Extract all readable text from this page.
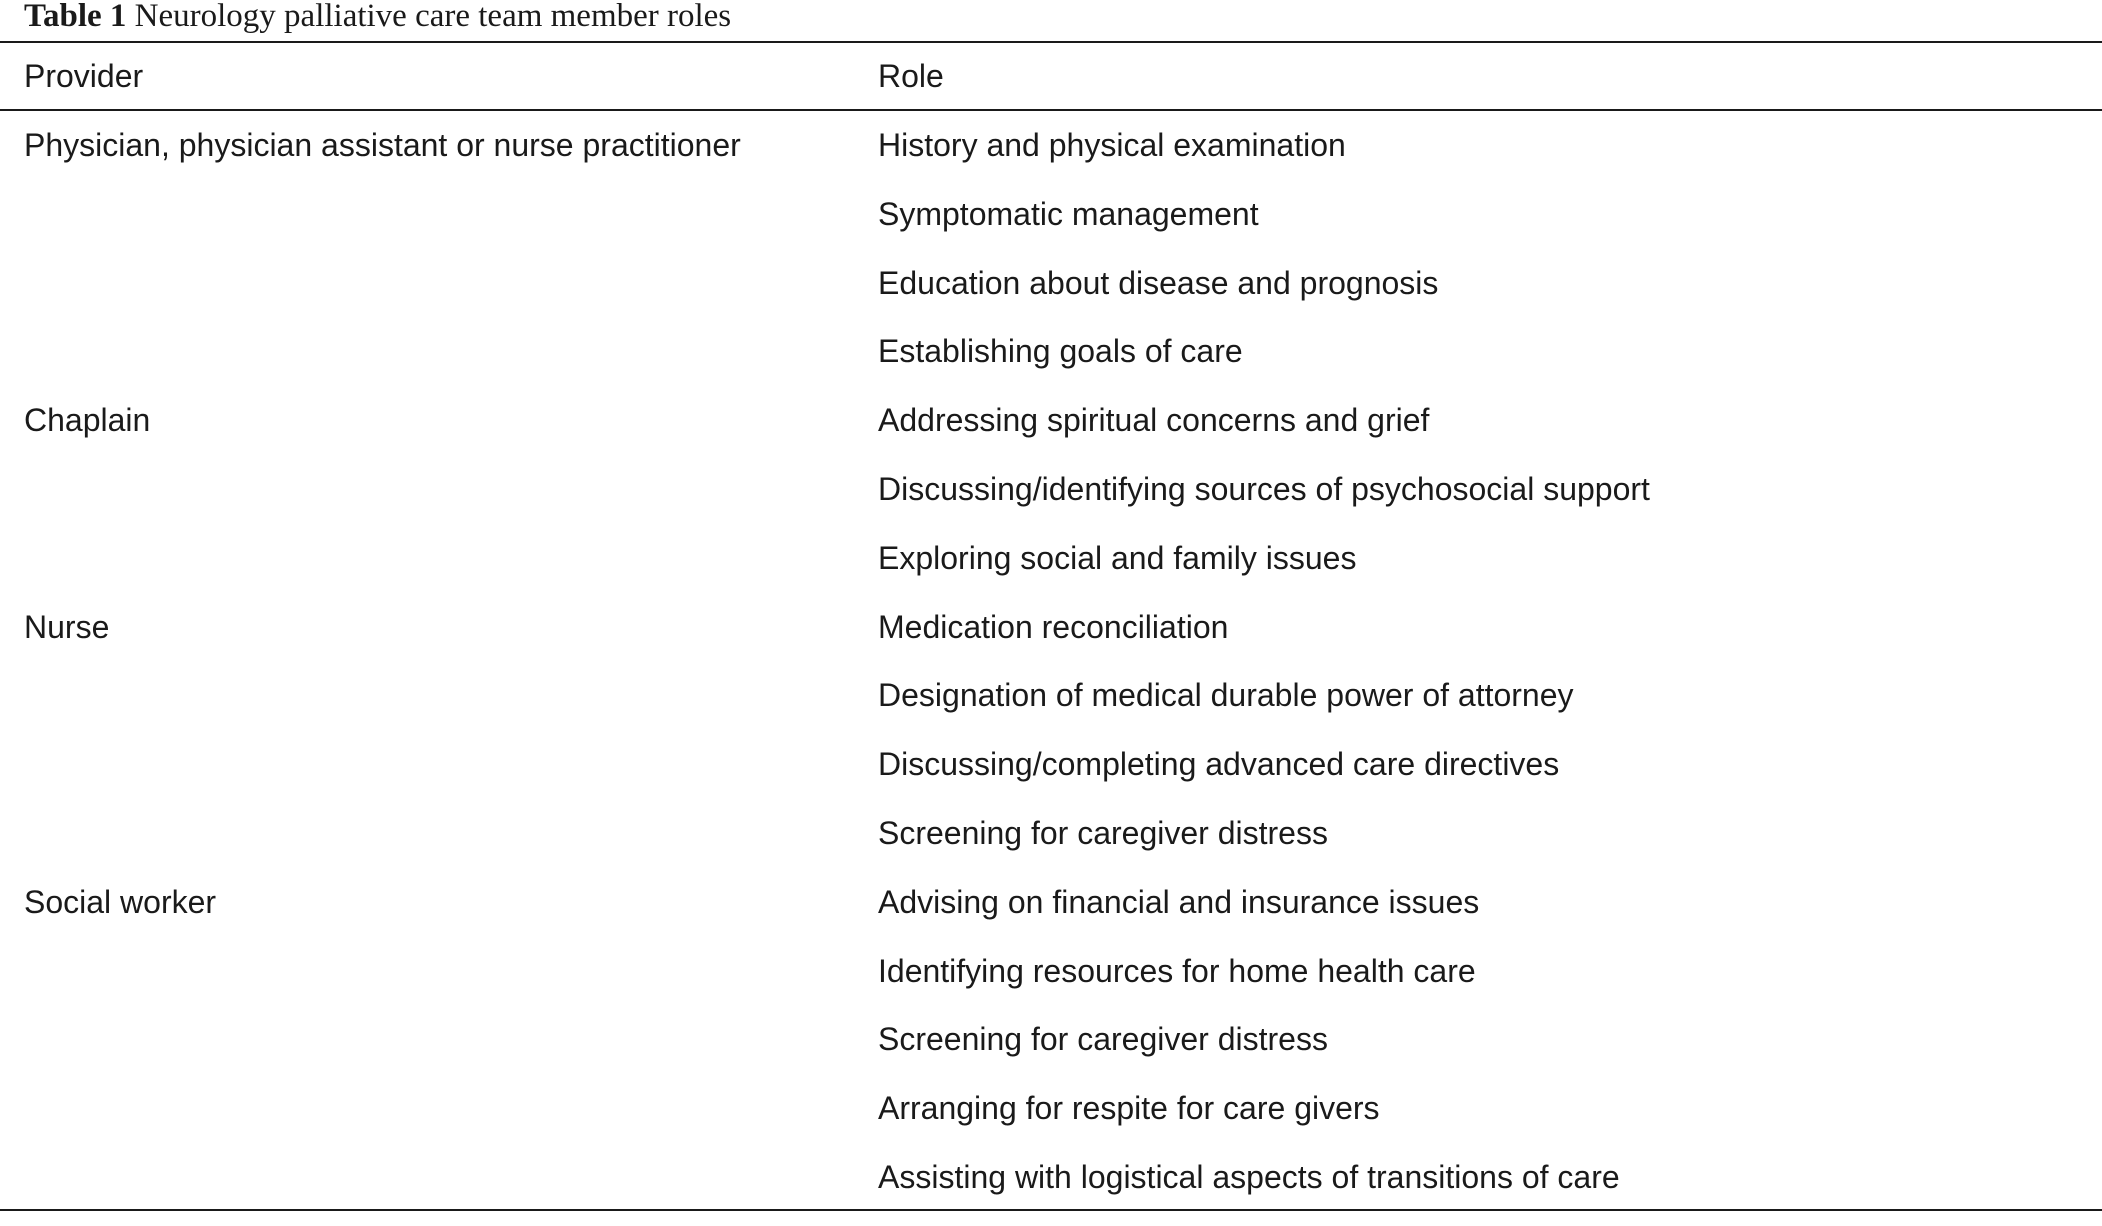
Table 1 Neurology palliative care team member roles
Provider	Role
Physician, physician assistant or nurse practitioner	History and physical examination
Symptomatic management
Education about disease and prognosis
Establishing goals of care
Chaplain	Addressing spiritual concerns and grief
Discussing/identifying sources of psychosocial support
Exploring social and family issues
Nurse	Medication reconciliation
Designation of medical durable power of attorney
Discussing/completing advanced care directives
Screening for caregiver distress
Social worker	Advising on financial and insurance issues
Identifying resources for home health care
Screening for caregiver distress
Arranging for respite for care givers
Assisting with logistical aspects of transitions of care
